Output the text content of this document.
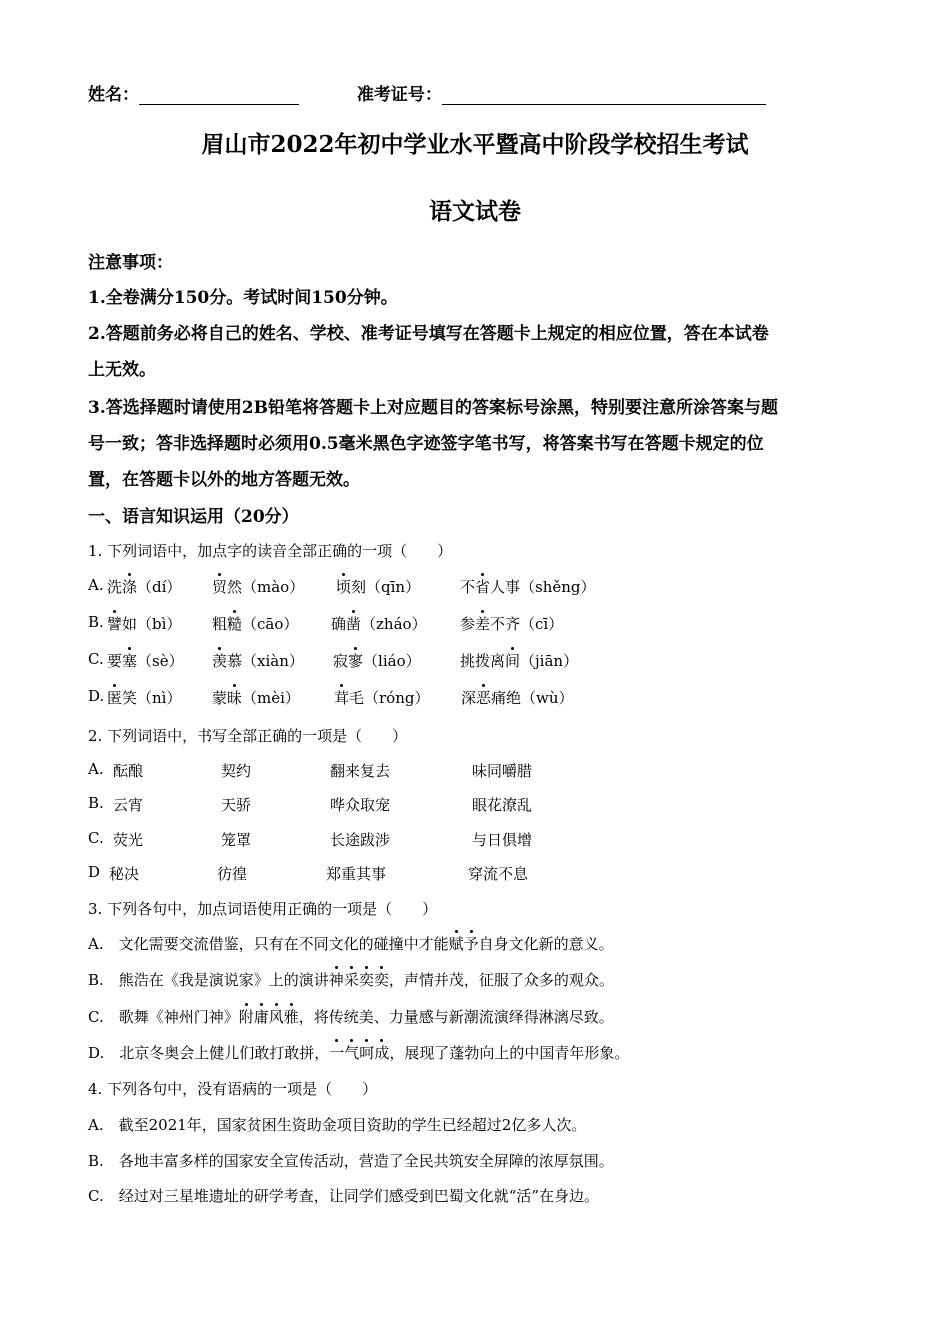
姓名：	准考证号：
眉山市2022年初中学业水平暨高中阶段学校招生考试
语文试卷
注意事项：
1.全卷满分150分。考试时间150分钟。
2.答题前务必将自己的姓名、学校、准考证号填写在答题卡上规定的相应位置，答在本试卷
上无效。
3.答选择题时请使用2B铅笔将答题卡上对应题目的答案标号涂黑，特别要注意所涂答案与题
号一致；答非选择题时必须用0.5毫米黑色字迹签字笔书写，将答案书写在答题卡规定的位
置，在答题卡以外的地方答题无效。
一、语言知识运用（20分）
1. 下列词语中，加点字的读音全部正确的一项（　　）
A. 洗涤（dí） 贸然（mào） 顷刻（qīn）	不省人事（shěng）
B. 譬如（bì） 粗糙（cāo） 确凿（zháo） 参差不齐（cī）
C. 要塞（sè） 羡慕（xiàn） 寂寥（liáo）	挑拨离间（jiān）
D. 匿笑（nì） 蒙昧（mèi） 茸毛（róng） 深恶痛绝（wù）
2. 下列词语中，书写全部正确的一项是（　　）
A. 酝酿	契约	翻来复去	味同嚼腊
B. 云宵	天骄	哗众取宠	眼花潦乱
C. 荧光	笼罩	长途跋涉	与日俱增
D 秘决	彷徨	郑重其事	穿流不息
3. 下列各句中，加点词语使用正确的一项是（　　）
A.　文化需要交流借鉴，只有在不同文化的碰撞中才能赋予自身文化新的意义。
B.　熊浩在《我是演说家》上的演讲神采奕奕，声情并茂，征服了众多的观众。
C.　歌舞《神州门神》附庸风雅，将传统美、力量感与新潮流演绎得淋漓尽致。
D.　北京冬奥会上健儿们敢打敢拼，一气呵成，展现了蓬勃向上的中国青年形象。
4. 下列各句中，没有语病的一项是（　　）
A.　截至2021年，国家贫困生资助金项目资助的学生已经超过2亿多人次。
B.　各地丰富多样的国家安全宣传活动，营造了全民共筑安全屏障的浓厚氛围。
C.　经过对三星堆遗址的研学考查，让同学们感受到巴蜀文化就“活”在身边。
